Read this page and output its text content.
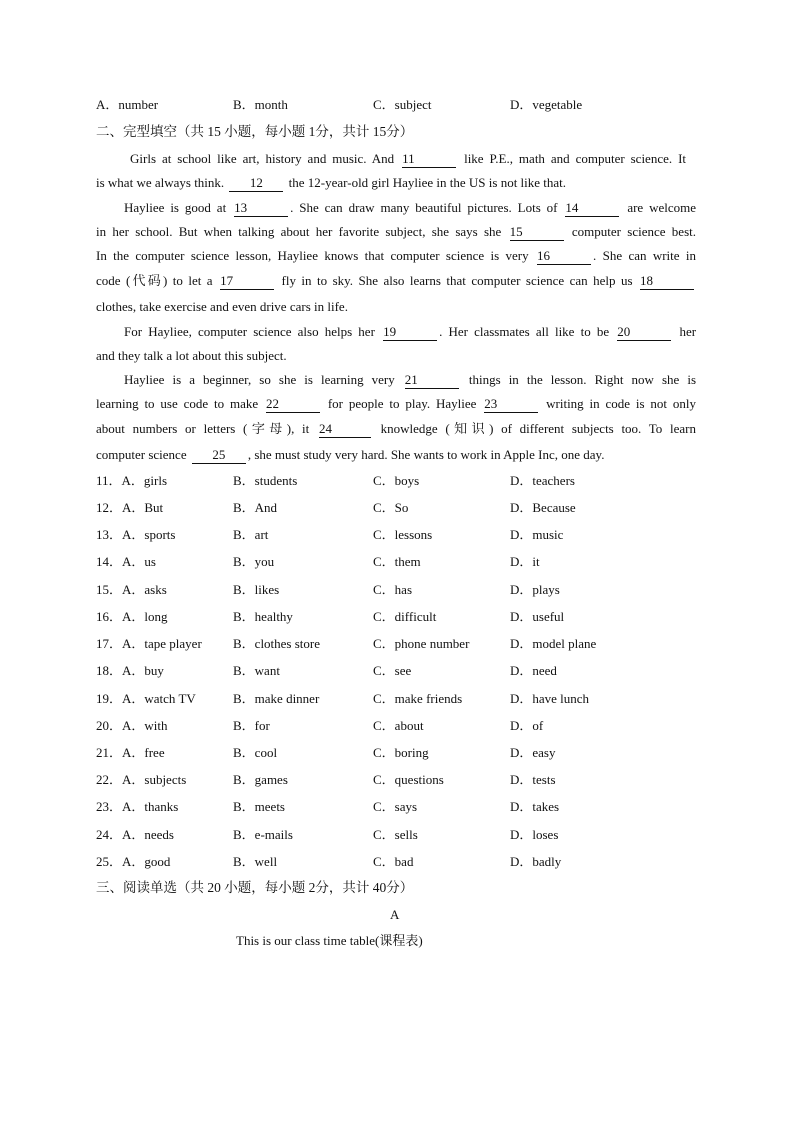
A．number	B．month	C．subject	D．vegetable
二、完型填空（共 15 小题，每小题 1分，共计 15分）
Girls at school like art, history and music. And 11	like P.E., math and computer science. It
is what we always think. 12 the 12-year-old girl Hayliee in the US is not like that.
Hayliee is good at 13	. She can draw many beautiful pictures. Lots of 14	are welcome
in her school. But when talking about her favorite subject, she says she 15	computer science best.
In the computer science lesson, Hayliee knows that computer science is very 16	. She can write in
code (代码) to let a 17	fly in to sky. She also learns that computer science can help us 18
clothes, take exercise and even drive cars in life.
For Hayliee, computer science also helps her 19	. Her classmates all like to be 20	her
and they talk a lot about this subject.
Hayliee is a beginner, so she is learning very 21	things in the lesson. Right now she is
learning to use code to make 22	for people to play. Hayliee 23	writing in code is not only
about numbers or letters (字母), it 24	knowledge (知识) of different subjects too. To learn
computer science 25 , she must study very hard. She wants to work in Apple Inc, one day.
11．A．girls	B．students	C．boys	D．teachers
12．A．But	B．And	C．So	D．Because
13．A．sports	B．art	C．lessons	D．music
14．A．us	B．you	C．them	D．it
15．A．asks	B．likes	C．has	D．plays
16．A．long	B．healthy	C．difficult	D．useful
17．A．tape player B．clothes store	C．phone number	D．model plane
18．A．buy	B．want	C．see	D．need
19．A．watch TV	B．make dinner	C．make friends	D．have lunch
20．A．with	B．for	C．about	D．of
21．A．free	B．cool	C．boring	D．easy
22．A．subjects	B．games	C．questions	D．tests
23．A．thanks	B．meets	C．says	D．takes
24．A．needs	B．e-mails	C．sells	D．loses
25．A．good	B．well	C．bad	D．badly
三、阅读单选（共 20 小题，每小题 2分，共计 40分）
A
This is our class time table(课程表)
